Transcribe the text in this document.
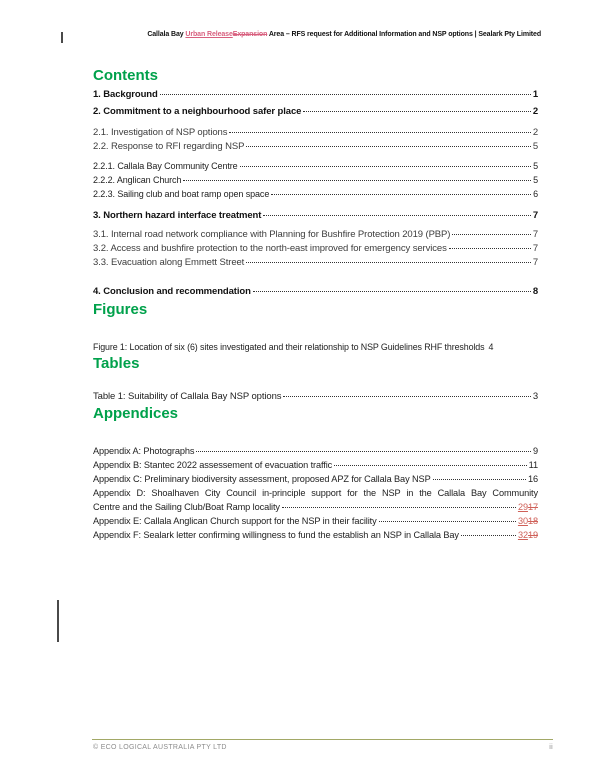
Callala Bay Urban ReleaseExpansion Area – RFS request for Additional Information and NSP options | Sealark Pty Limited
Contents
1. Background	1
2. Commitment to a neighbourhood safer place	2
2.1. Investigation of NSP options	2
2.2. Response to RFI regarding NSP	5
2.2.1. Callala Bay Community Centre	5
2.2.2. Anglican Church	5
2.2.3. Sailing club and boat ramp open space	6
3. Northern hazard interface treatment	7
3.1. Internal road network compliance with Planning for Bushfire Protection 2019 (PBP)	7
3.2. Access and bushfire protection to the north-east improved for emergency services	7
3.3. Evacuation along Emmett Street	7
4. Conclusion and recommendation	8
Figures
Figure 1: Location of six (6) sites investigated and their relationship to NSP Guidelines RHF thresholds 4
Tables
Table 1: Suitability of Callala Bay NSP options	3
Appendices
Appendix A: Photographs	9
Appendix B: Stantec 2022 assessement of evacuation traffic	11
Appendix C: Preliminary biodiversity assessment, proposed APZ for Callala Bay NSP	16
Appendix D: Shoalhaven City Council in-principle support for the NSP in the Callala Bay Community
Centre and the Sailing Club/Boat Ramp locality	29 17
Appendix E: Callala Anglican Church support for the NSP in their facility	30 18
Appendix F: Sealark letter confirming willingness to fund the establish an NSP in Callala Bay	32 19
© ECO LOGICAL AUSTRALIA PTY LTD	ii
